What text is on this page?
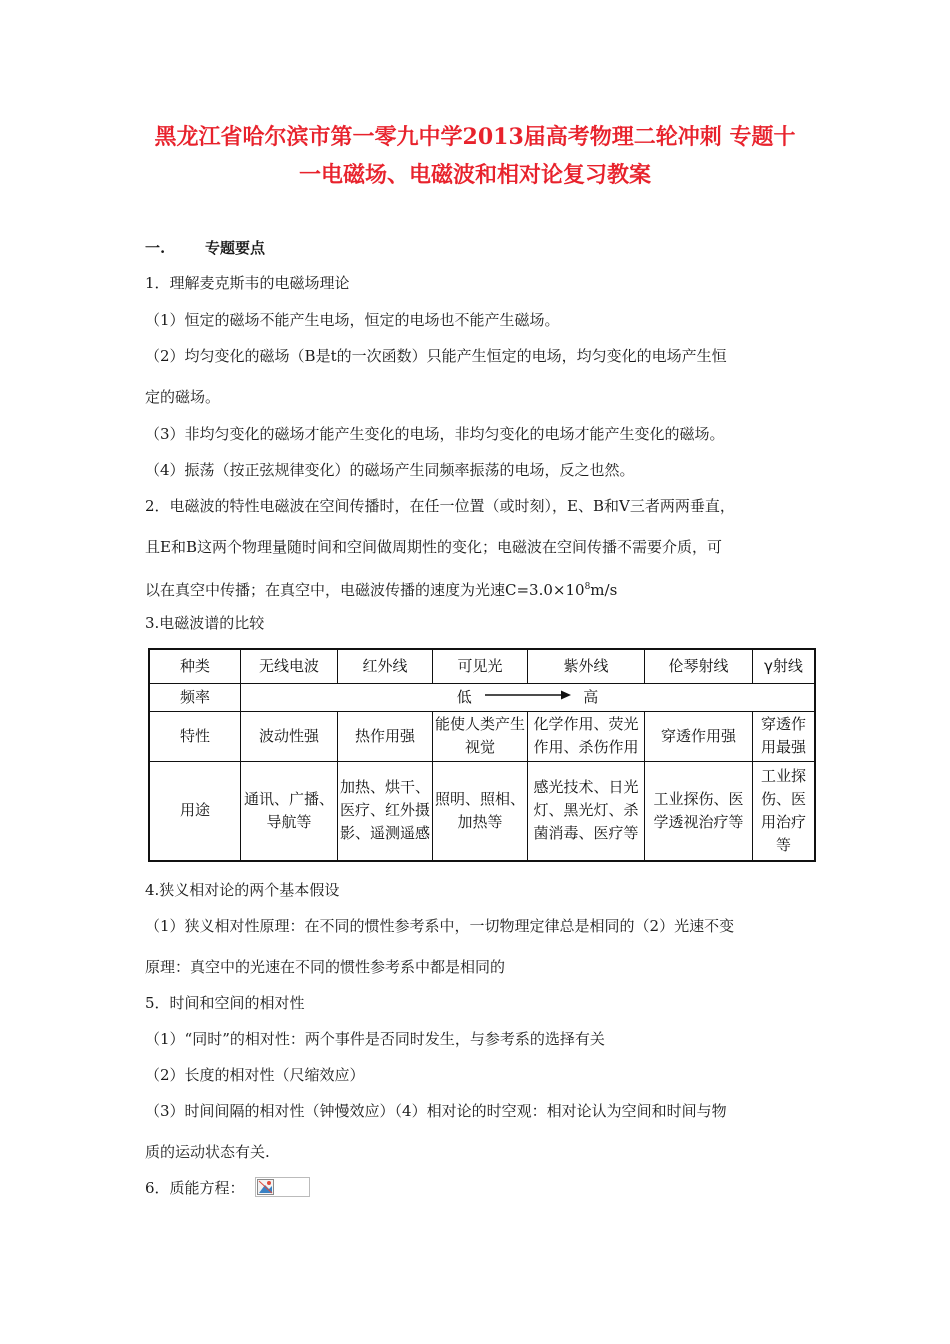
黑龙江省哈尔滨市第一零九中学2013届高考物理二轮冲刺 专题十
一电磁场、电磁波和相对论复习教案
一.	专题要点
1．理解麦克斯韦的电磁场理论
（1）恒定的磁场不能产生电场，恒定的电场也不能产生磁场。
（2）均匀变化的磁场（B是t的一次函数）只能产生恒定的电场，均匀变化的电场产生恒
定的磁场。
（3）非均匀变化的磁场才能产生变化的电场，非均匀变化的电场才能产生变化的磁场。
（4）振荡（按正弦规律变化）的磁场产生同频率振荡的电场，反之也然。
2．电磁波的特性电磁波在空间传播时，在任一位置（或时刻），E、B和V三者两两垂直，
且E和B这两个物理量随时间和空间做周期性的变化；电磁波在空间传播不需要介质，可
以在真空中传播；在真空中，电磁波传播的速度为光速$C=3.0\times 10^8m/s$
3.电磁波谱的比较
种类	无线电波	红外线	可见光	紫外线	伦琴射线	γ射线
频率	低 高					
特性	波动性强	热作用强	能使人类产生视觉	化学作用、荧光作用、杀伤作用	穿透作用强	穿透作用最强
用途	通讯、广播、导航等	加热、烘干、医疗、红外摄影、遥测遥感	照明、照相、加热等	感光技术、日光灯、黑光灯、杀菌消毒、医疗等	工业探伤、医学透视治疗等	工业探伤、医用治疗等
4.狭义相对论的两个基本假设
（1）狭义相对性原理：在不同的惯性参考系中，一切物理定律总是相同的（2）光速不变
原理：真空中的光速在不同的惯性参考系中都是相同的
5．时间和空间的相对性
（1）“同时”的相对性：两个事件是否同时发生，与参考系的选择有关
（2）长度的相对性（尺缩效应）
（3）时间间隔的相对性（钟慢效应）（4）相对论的时空观：相对论认为空间和时间与物
质的运动状态有关.
6．质能方程：
